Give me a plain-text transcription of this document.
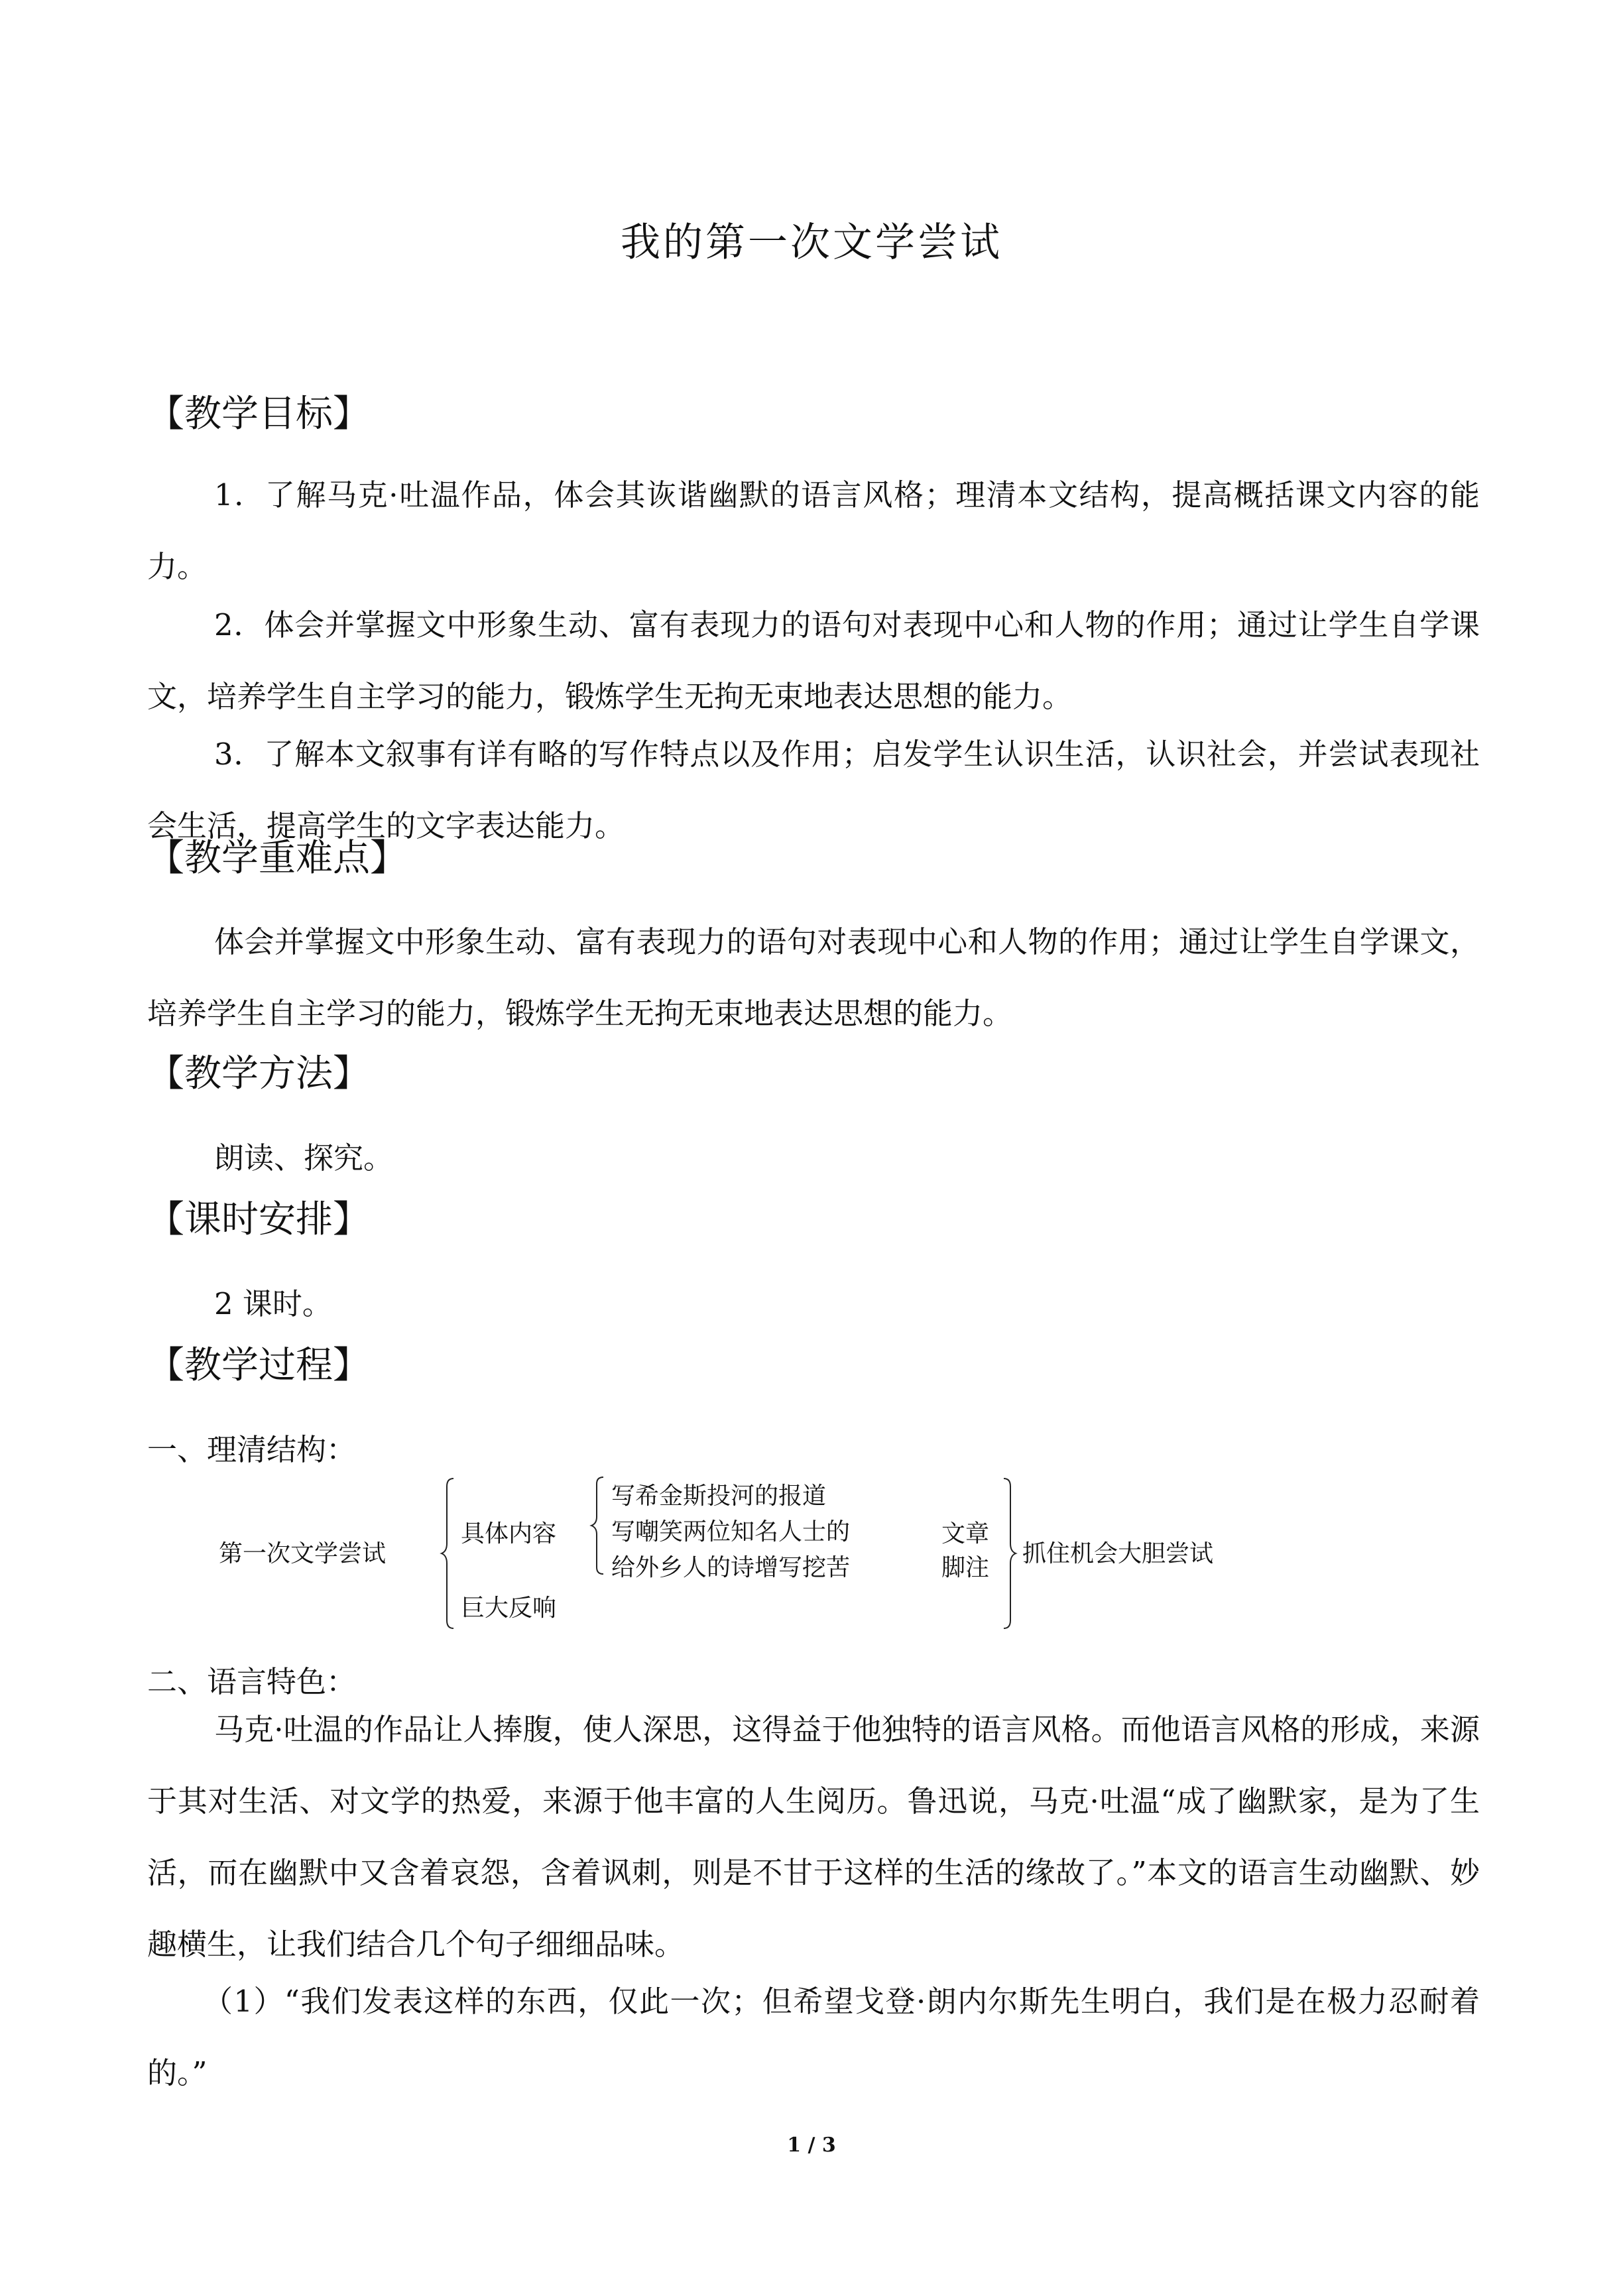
我的第一次文学尝试
【教学目标】
1．了解马克·吐温作品，体会其诙谐幽默的语言风格；理清本文结构，提高概括课文内容的能力。
2．体会并掌握文中形象生动、富有表现力的语句对表现中心和人物的作用；通过让学生自学课文，培养学生自主学习的能力，锻炼学生无拘无束地表达思想的能力。
3．了解本文叙事有详有略的写作特点以及作用；启发学生认识生活，认识社会，并尝试表现社会生活，提高学生的文字表达能力。
【教学重难点】
体会并掌握文中形象生动、富有表现力的语句对表现中心和人物的作用；通过让学生自学课文，培养学生自主学习的能力，锻炼学生无拘无束地表达思想的能力。
【教学方法】
朗读、探究。
【课时安排】
2 课时。
【教学过程】
一、理清结构：
第一次文学尝试
具体内容
巨大反响
写希金斯投河的报道
写嘲笑两位知名人士的
给外乡人的诗增写挖苦
文章
脚注
抓住机会大胆尝试
二、语言特色：
马克·吐温的作品让人捧腹，使人深思，这得益于他独特的语言风格。而他语言风格的形成，来源于其对生活、对文学的热爱，来源于他丰富的人生阅历。鲁迅说，马克·吐温“成了幽默家，是为了生活，而在幽默中又含着哀怨，含着讽刺，则是不甘于这样的生活的缘故了。”本文的语言生动幽默、妙趣横生，让我们结合几个句子细细品味。
（1）“我们发表这样的东西，仅此一次；但希望戈登·朗内尔斯先生明白，我们是在极力忍耐着的。”
1 / 3
